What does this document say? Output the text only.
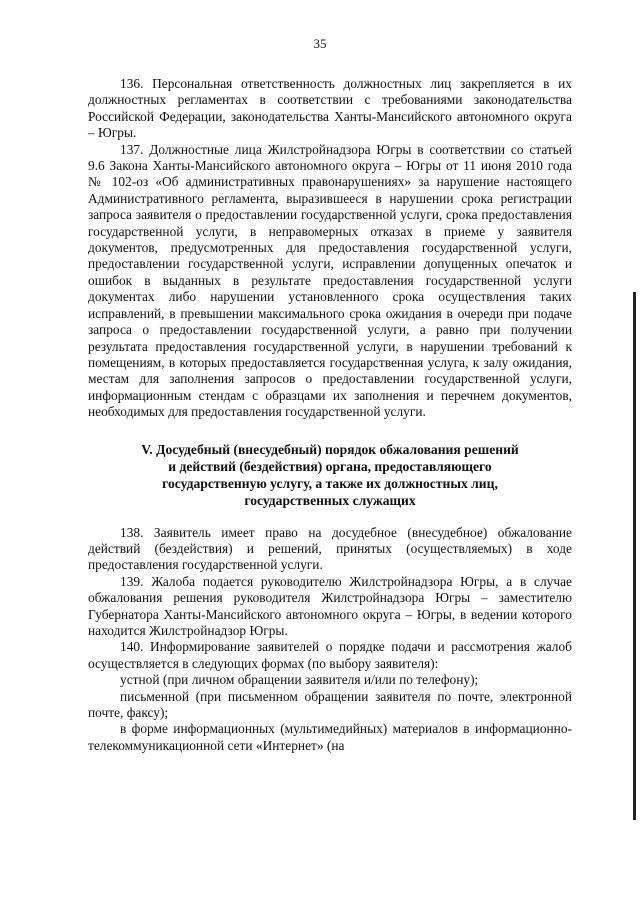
35

136. Персональная ответственность должностных лиц закрепляется в их должностных регламентах в соответствии с требованиями законодательства Российской Федерации, законодательства Ханты-Мансийского автономного округа – Югры.

137. Должностные лица Жилстройнадзора Югры в соответствии со статьей 9.6 Закона Ханты-Мансийского автономного округа – Югры от 11 июня 2010 года № 102-оз «Об административных правонарушениях» за нарушение настоящего Административного регламента, выразившееся в нарушении срока регистрации запроса заявителя о предоставлении государственной услуги, срока предоставления государственной услуги, в неправомерных отказах в приеме у заявителя документов, предусмотренных для предоставления государственной услуги, предоставлении государственной услуги, исправлении допущенных опечаток и ошибок в выданных в результате предоставления государственной услуги документах либо нарушении установленного срока осуществления таких исправлений, в превышении максимального срока ожидания в очереди при подаче запроса о предоставлении государственной услуги, а равно при получении результата предоставления государственной услуги, в нарушении требований к помещениям, в которых предоставляется государственная услуга, к залу ожидания, местам для заполнения запросов о предоставлении государственной услуги, информационным стендам с образцами их заполнения и перечнем документов, необходимых для предоставления государственной услуги.

V. Досудебный (внесудебный) порядок обжалования решений
и действий (бездействия) органа, предоставляющего
государственную услугу, а также их должностных лиц,
государственных служащих

138. Заявитель имеет право на досудебное (внесудебное) обжалование действий (бездействия) и решений, принятых (осуществляемых) в ходе предоставления государственной услуги.

139. Жалоба подается руководителю Жилстройнадзора Югры, а в случае обжалования решения руководителя Жилстройнадзора Югры – заместителю Губернатора Ханты-Мансийского автономного округа – Югры, в ведении которого находится Жилстройнадзор Югры.

140. Информирование заявителей о порядке подачи и рассмотрения жалоб осуществляется в следующих формах (по выбору заявителя):

устной (при личном обращении заявителя и/или по телефону);

письменной (при письменном обращении заявителя по почте, электронной почте, факсу);

в форме информационных (мультимедийных) материалов в информационно-телекоммуникационной сети «Интернет» (на
